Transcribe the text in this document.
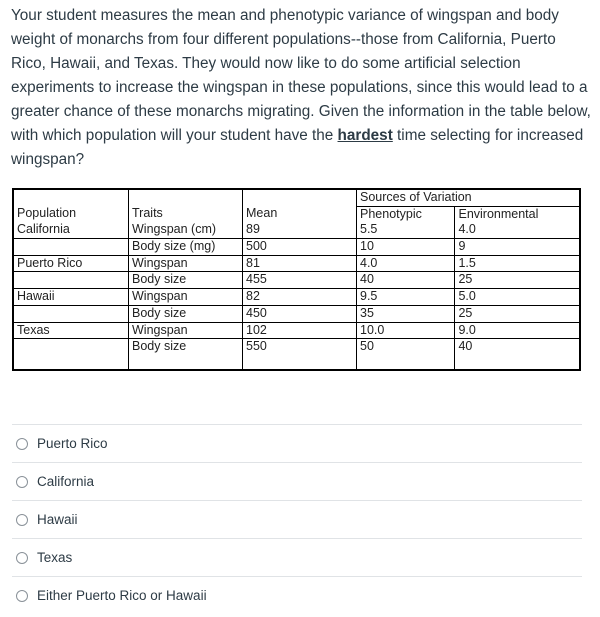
Your student measures the mean and phenotypic variance of wingspan and body weight of monarchs from four different populations--those from California, Puerto Rico, Hawaii, and Texas. They would now like to do some artificial selection experiments to increase the wingspan in these populations, since this would lead to a greater chance of these monarchs migrating. Given the information in the table below, with which population will your student have the hardest time selecting for increased wingspan?
			Sources of Variation	
Population	Traits	Mean	Phenotypic	Environmental
California	Wingspan (cm)	89	5.5	4.0
	Body size (mg)	500	10	9
Puerto Rico	Wingspan	81	4.0	1.5
	Body size	455	40	25
Hawaii	Wingspan	82	9.5	5.0
	Body size	450	35	25
Texas	Wingspan	102	10.0	9.0
	Body size	550	50	40

Puerto Rico
California
Hawaii
Texas
Either Puerto Rico or Hawaii
